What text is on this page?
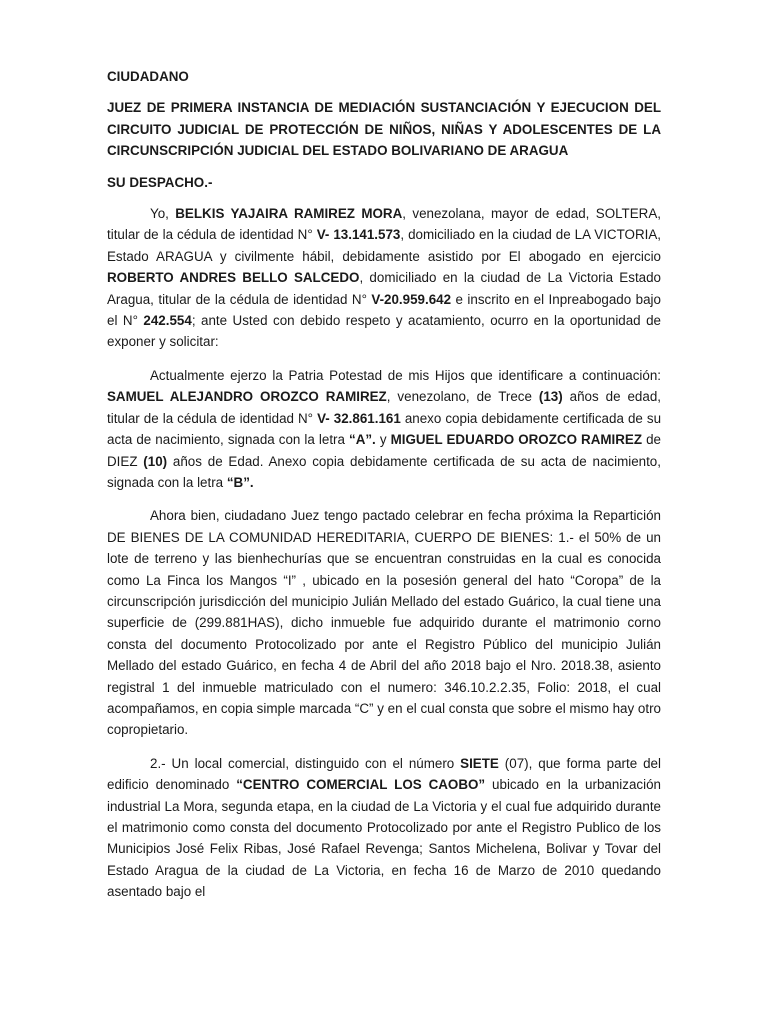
CIUDADANO

JUEZ DE PRIMERA INSTANCIA DE MEDIACIÓN SUSTANCIACIÓN Y EJECUCION DEL CIRCUITO JUDICIAL DE PROTECCIÓN DE NIÑOS, NIÑAS Y ADOLESCENTES DE LA CIRCUNSCRIPCIÓN JUDICIAL DEL ESTADO BOLIVARIANO DE ARAGUA

SU DESPACHO.-

Yo, BELKIS YAJAIRA RAMIREZ MORA, venezolana, mayor de edad, SOLTERA, titular de la cédula de identidad N° V- 13.141.573, domiciliado en la ciudad de LA VICTORIA, Estado ARAGUA y civilmente hábil, debidamente asistido por El abogado en ejercicio ROBERTO ANDRES BELLO SALCEDO, domiciliado en la ciudad de La Victoria Estado Aragua, titular de la cédula de identidad N° V-20.959.642 e inscrito en el Inpreabogado bajo el N° 242.554; ante Usted con debido respeto y acatamiento, ocurro en la oportunidad de exponer y solicitar:

Actualmente ejerzo la Patria Potestad de mis Hijos que identificare a continuación: SAMUEL ALEJANDRO OROZCO RAMIREZ, venezolano, de Trece (13) años de edad, titular de la cédula de identidad N° V- 32.861.161 anexo copia debidamente certificada de su acta de nacimiento, signada con la letra “A”. y MIGUEL EDUARDO OROZCO RAMIREZ de DIEZ (10) años de Edad. Anexo copia debidamente certificada de su acta de nacimiento, signada con la letra “B”.

Ahora bien, ciudadano Juez tengo pactado celebrar en fecha próxima la Repartición DE BIENES DE LA COMUNIDAD HEREDITARIA, CUERPO DE BIENES: 1.- el 50% de un lote de terreno y las bienhechurías que se encuentran construidas en la cual es conocida como La Finca los Mangos “I” , ubicado en la posesión general del hato “Coropa” de la circunscripción jurisdicción del municipio Julián Mellado del estado Guárico, la cual tiene una superficie de (299.881HAS), dicho inmueble fue adquirido durante el matrimonio corno consta del documento Protocolizado por ante el Registro Público del municipio Julián Mellado del estado Guárico, en fecha 4 de Abril del año 2018 bajo el Nro. 2018.38, asiento registral 1 del inmueble matriculado con el numero: 346.10.2.2.35, Folio: 2018, el cual acompañamos, en copia simple marcada “C” y en el cual consta que sobre el mismo hay otro copropietario.

2.- Un local comercial, distinguido con el número SIETE (07), que forma parte del edificio denominado “CENTRO COMERCIAL LOS CAOBO” ubicado en la urbanización industrial La Mora, segunda etapa, en la ciudad de La Victoria y el cual fue adquirido durante el matrimonio como consta del documento Protocolizado por ante el Registro Publico de los Municipios José Felix Ribas, José Rafael Revenga; Santos Michelena, Bolivar y Tovar del Estado Aragua de la ciudad de La Victoria, en fecha 16 de Marzo de 2010 quedando asentado bajo el
